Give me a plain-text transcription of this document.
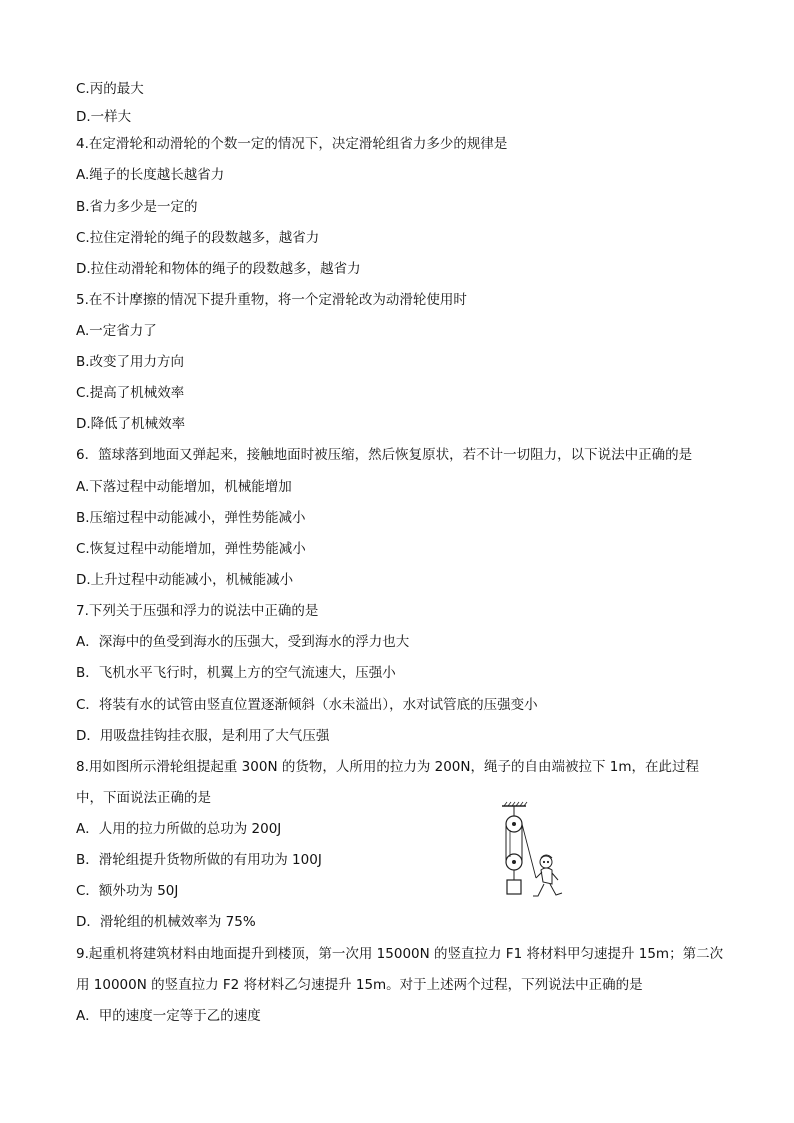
C.丙的最大
D.一样大
4.在定滑轮和动滑轮的个数一定的情况下，决定滑轮组省力多少的规律是
A.绳子的长度越长越省力
B.省力多少是一定的
C.拉住定滑轮的绳子的段数越多，越省力
D.拉住动滑轮和物体的绳子的段数越多，越省力
5.在不计摩擦的情况下提升重物，将一个定滑轮改为动滑轮使用时
A.一定省力了
B.改变了用力方向
C.提高了机械效率
D.降低了机械效率
6．篮球落到地面又弹起来，接触地面时被压缩，然后恢复原状，若不计一切阻力，以下说法中正确的是
A.下落过程中动能增加，机械能增加
B.压缩过程中动能减小，弹性势能减小
C.恢复过程中动能增加，弹性势能减小
D.上升过程中动能减小，机械能减小
7.下列关于压强和浮力的说法中正确的是
A．深海中的鱼受到海水的压强大，受到海水的浮力也大
B．飞机水平飞行时，机翼上方的空气流速大，压强小
C．将装有水的试管由竖直位置逐渐倾斜（水未溢出），水对试管底的压强变小
D．用吸盘挂钩挂衣服，是利用了大气压强
8.用如图所示滑轮组提起重 300N 的货物，人所用的拉力为 200N，绳子的自由端被拉下 1m，在此过程
中，下面说法正确的是
A．人用的拉力所做的总功为 200J
B．滑轮组提升货物所做的有用功为 100J
C．额外功为 50J
D．滑轮组的机械效率为 75%
9.起重机将建筑材料由地面提升到楼顶，第一次用 15000N 的竖直拉力 F1 将材料甲匀速提升 15m；第二次
用 10000N 的竖直拉力 F2 将材料乙匀速提升 15m。对于上述两个过程，下列说法中正确的是
A．甲的速度一定等于乙的速度
